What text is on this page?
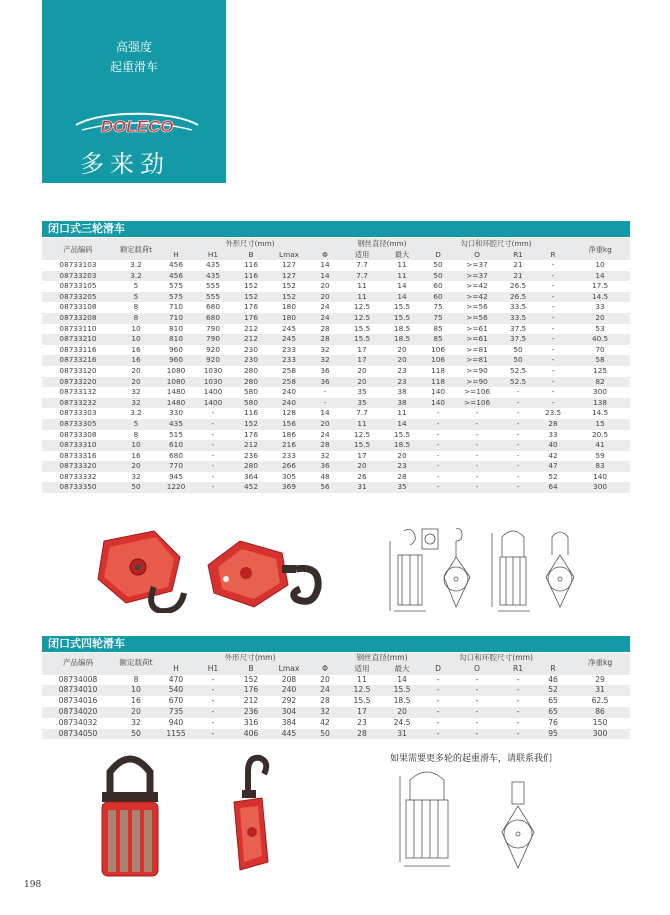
高强度
起重滑车
DOLECO
多来劲
闭口式三轮滑车
产品编码	额定载荷t	外形尺寸(mm)					钢丝直径(mm)		勾口和环腔尺寸(mm)				净重kg
		H	H1	B	Lmax	Φ	适用	最大	D	O	R1	R	
08733103	3.2	456	435	116	127	14	7.7	11	50	>=37	21	-	10
08733203	3.2	456	435	116	127	14	7.7	11	50	>=37	21	-	14
08733105	5	575	555	152	152	20	11	14	60	>=42	26.5	-	17.5
08733205	5	575	555	152	152	20	11	14	60	>=42	26.5	-	14.5
08733108	8	710	680	176	180	24	12.5	15.5	75	>=56	33.5	-	33
08733208	8	710	680	176	180	24	12.5	15.5	75	>=56	33.5	-	20
08733110	10	810	790	212	245	28	15.5	18.5	85	>=61	37.5	-	53
08733210	10	810	790	212	245	28	15.5	18.5	85	>=61	37.5	-	40.5
08733116	16	960	920	230	233	32	17	20	106	>=81	50	-	70
08733216	16	960	920	230	233	32	17	20	106	>=81	50	-	58
08733120	20	1080	1030	280	258	36	20	23	118	>=90	52.5	-	125
08733220	20	1080	1030	280	258	36	20	23	118	>=90	52.5	-	82
08733132	32	1480	1400	580	240	-	35	38	140	>=106	-	-	300
08733232	32	1480	1400	580	240	-	35	38	140	>=106	-	-	138
08733303	3.2	330	-	116	128	14	7.7	11	-	-	-	23.5	14.5
08733305	5	435	-	152	156	20	11	14	-	-	-	28	15
08733308	8	515	-	176	186	24	12.5	15.5	-	-	-	33	20.5
08733310	10	610	-	212	216	28	15.5	18.5	-	-	-	40	41
08733316	16	680	-	236	233	32	17	20	-	-	-	42	59
08733320	20	770	-	280	266	36	20	23	-	-	-	47	83
08733332	32	945	-	364	305	48	26	28	-	-	-	52	140
08733350	50	1220	-	452	369	56	31	35	-	-	-	64	300
闭口式四轮滑车
产品编码	额定载荷t	外形尺寸(mm)					钢丝直径(mm)		勾口和环腔尺寸(mm)				净重kg
		H	H1	B	Lmax	Φ	适用	最大	D	O	R1	R	
08734008	8	470	-	152	208	20	11	14	-	-	-	46	29
08734010	10	540	-	176	240	24	12.5	15.5	-	-	-	52	31
08734016	16	670	-	212	292	28	15.5	18.5	-	-	-	65	62.5
08734020	20	735	-	236	304	32	17	20	-	-	-	65	86
08734032	32	940	-	316	384	42	23	24.5	-	-	-	76	150
08734050	50	1155	-	406	445	50	28	31	-	-	-	95	300
如果需要更多轮的起重滑车，请联系我们
198
